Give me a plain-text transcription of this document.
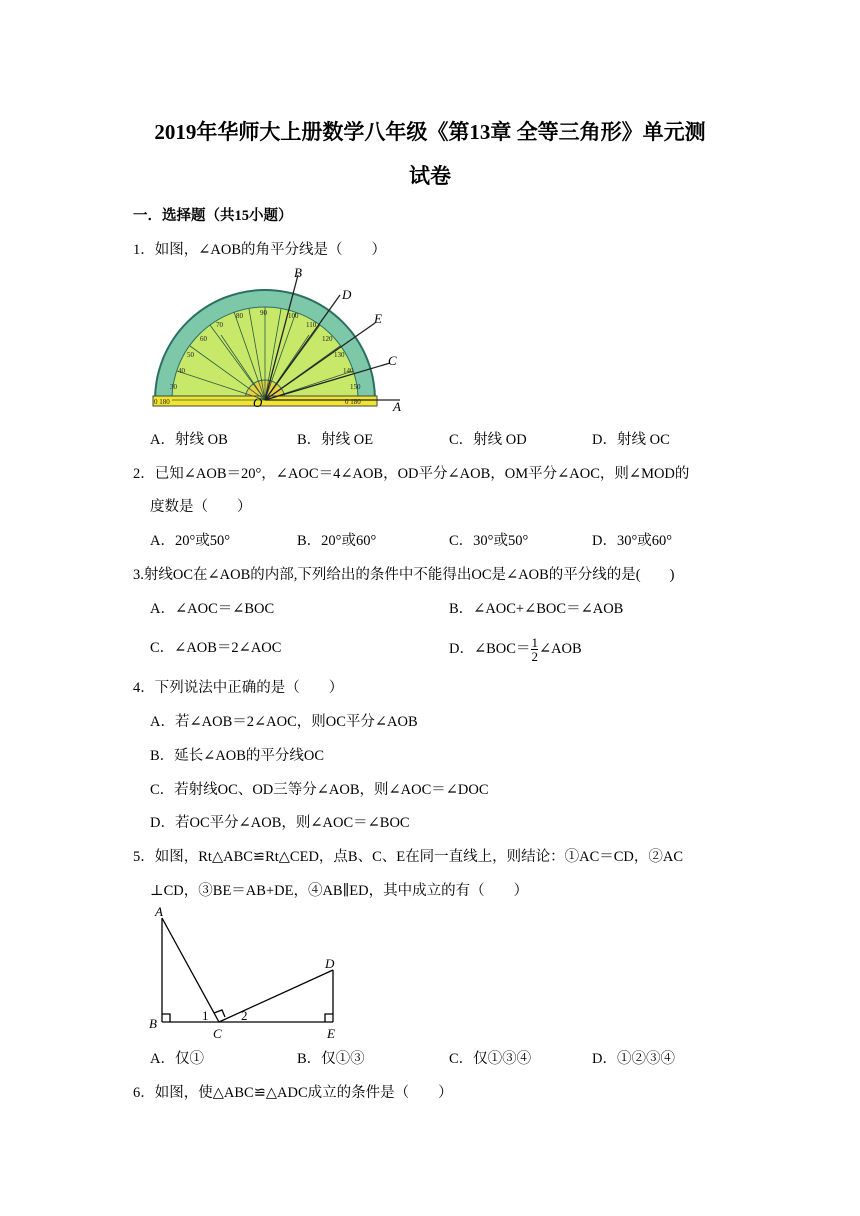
2019年华师大上册数学八年级《第13章 全等三角形》单元测
试卷
一．选择题（共15小题）
1．如图，∠AOB的角平分线是（　　）
90
80	100
70	110
60	120
50	130
40	140
30	150
0 180	0 180
B
D
E
C
O	A
A．射线 OB	B．射线 OE	C．射线 OD	D．射线 OC
2．已知∠AOB＝20°，∠AOC＝4∠AOB，OD平分∠AOB，OM平分∠AOC，则∠MOD的
度数是（　　）
A．20°或50°	B．20°或60°	C．30°或50°	D．30°或60°
3.射线OC在∠AOB的内部,下列给出的条件中不能得出OC是∠AOB的平分线的是(　　)
A．∠AOC＝∠BOC	B．∠AOC+∠BOC＝∠AOB
C．∠AOB＝2∠AOC	D．∠BOC＝ $\frac{1}{2}$ ∠AOB
4．下列说法中正确的是（　　）
A．若∠AOB＝2∠AOC，则OC平分∠AOB
B．延长∠AOB的平分线OC
C．若射线OC、OD三等分∠AOB，则∠AOC＝∠DOC
D．若OC平分∠AOB，则∠AOC＝∠BOC
5．如图，Rt△ABC≌Rt△CED，点B、C、E在同一直线上，则结论：①AC＝CD，②AC
⊥CD，③BE＝AB+DE，④AB∥ED，其中成立的有（　　）
A
D
B
1
C
2
E
A．仅①	B．仅①③	C．仅①③④	D．①②③④
6．如图，使△ABC≌△ADC成立的条件是（　　）
